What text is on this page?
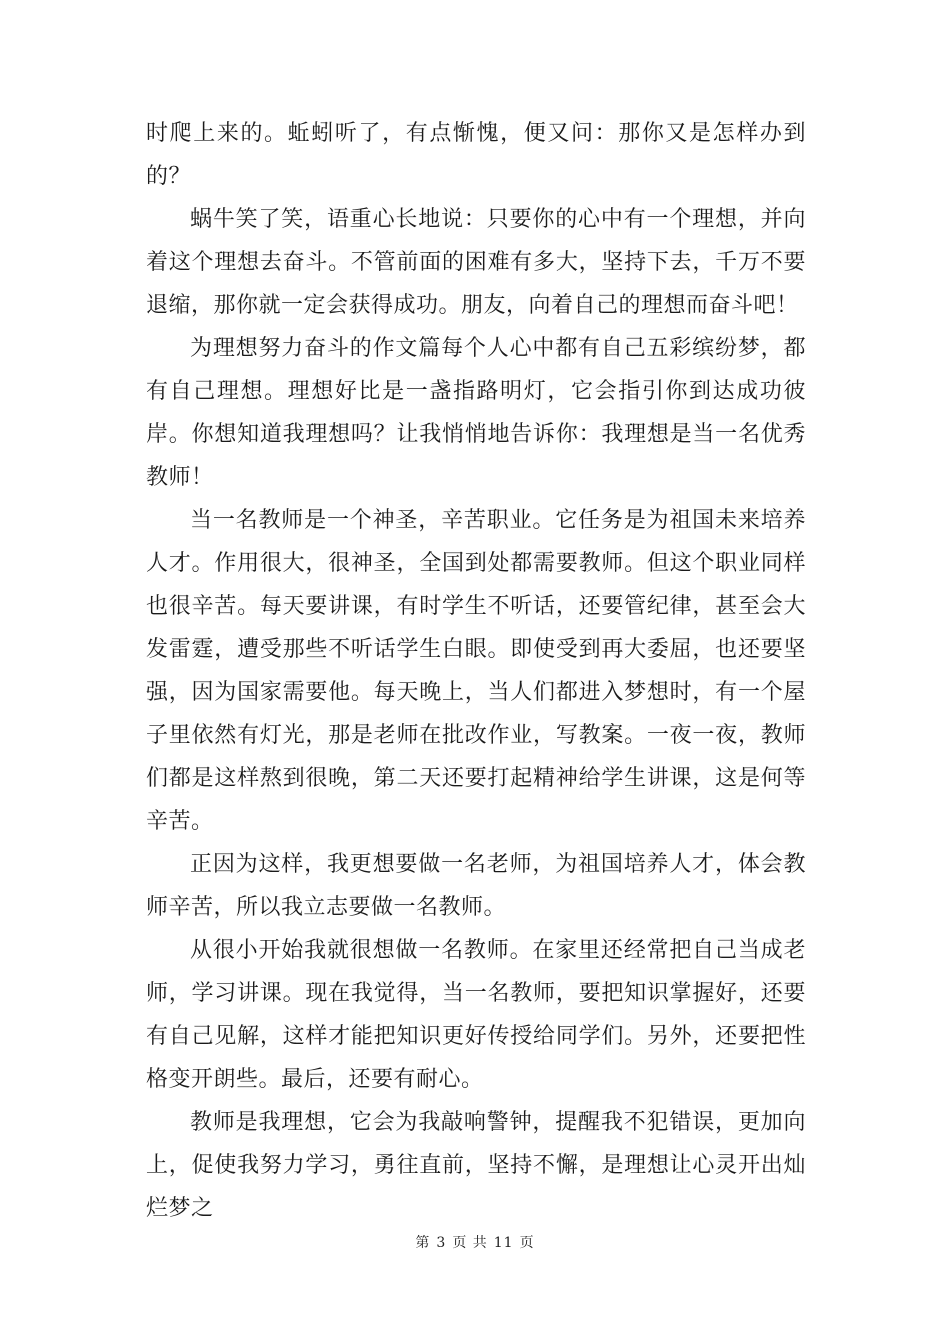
时爬上来的。蚯蚓听了，有点惭愧，便又问：那你又是怎样办到的？

蜗牛笑了笑，语重心长地说：只要你的心中有一个理想，并向着这个理想去奋斗。不管前面的困难有多大，坚持下去，千万不要退缩，那你就一定会获得成功。朋友，向着自己的理想而奋斗吧！

为理想努力奋斗的作文篇每个人心中都有自己五彩缤纷梦，都有自己理想。理想好比是一盏指路明灯，它会指引你到达成功彼岸。你想知道我理想吗？让我悄悄地告诉你：我理想是当一名优秀教师！

当一名教师是一个神圣，辛苦职业。它任务是为祖国未来培养人才。作用很大，很神圣，全国到处都需要教师。但这个职业同样也很辛苦。每天要讲课，有时学生不听话，还要管纪律，甚至会大发雷霆，遭受那些不听话学生白眼。即使受到再大委屈，也还要坚强，因为国家需要他。每天晚上，当人们都进入梦想时，有一个屋子里依然有灯光，那是老师在批改作业，写教案。一夜一夜，教师们都是这样熬到很晚，第二天还要打起精神给学生讲课，这是何等辛苦。

正因为这样，我更想要做一名老师，为祖国培养人才，体会教师辛苦，所以我立志要做一名教师。

从很小开始我就很想做一名教师。在家里还经常把自己当成老师，学习讲课。现在我觉得，当一名教师，要把知识掌握好，还要有自己见解，这样才能把知识更好传授给同学们。另外，还要把性格变开朗些。最后，还要有耐心。

教师是我理想，它会为我敲响警钟，提醒我不犯错误，更加向上，促使我努力学习，勇往直前，坚持不懈，是理想让心灵开出灿烂梦之

第 3 页 共 11 页
